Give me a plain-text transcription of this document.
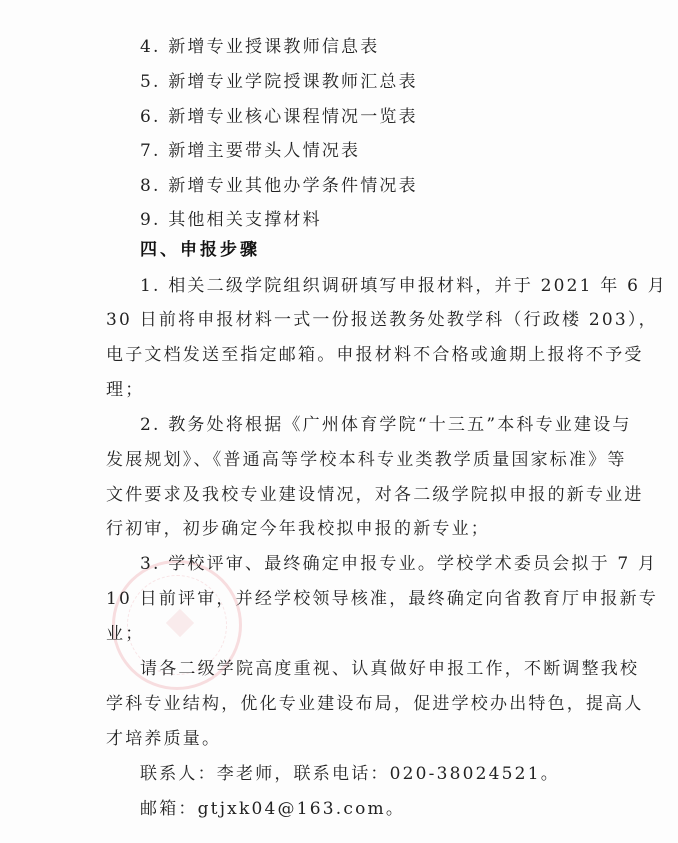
4. 新增专业授课教师信息表
5. 新增专业学院授课教师汇总表
6. 新增专业核心课程情况一览表
7. 新增主要带头人情况表
8. 新增专业其他办学条件情况表
9. 其他相关支撑材料
四、申报步骤
1. 相关二级学院组织调研填写申报材料，并于 2021 年 6 月
30 日前将申报材料一式一份报送教务处教学科（行政楼 203），
电子文档发送至指定邮箱。申报材料不合格或逾期上报将不予受
理；
2. 教务处将根据《广州体育学院“十三五”本科专业建设与
发展规划》、《普通高等学校本科专业类教学质量国家标准》等
文件要求及我校专业建设情况，对各二级学院拟申报的新专业进
行初审，初步确定今年我校拟申报的新专业；
3. 学校评审、最终确定申报专业。学校学术委员会拟于 7 月
10 日前评审，并经学校领导核准，最终确定向省教育厅申报新专
业；
请各二级学院高度重视、认真做好申报工作，不断调整我校
学科专业结构，优化专业建设布局，促进学校办出特色，提高人
才培养质量。
联系人：李老师，联系电话：020-38024521。
邮箱：gtjxk04@163.com。
